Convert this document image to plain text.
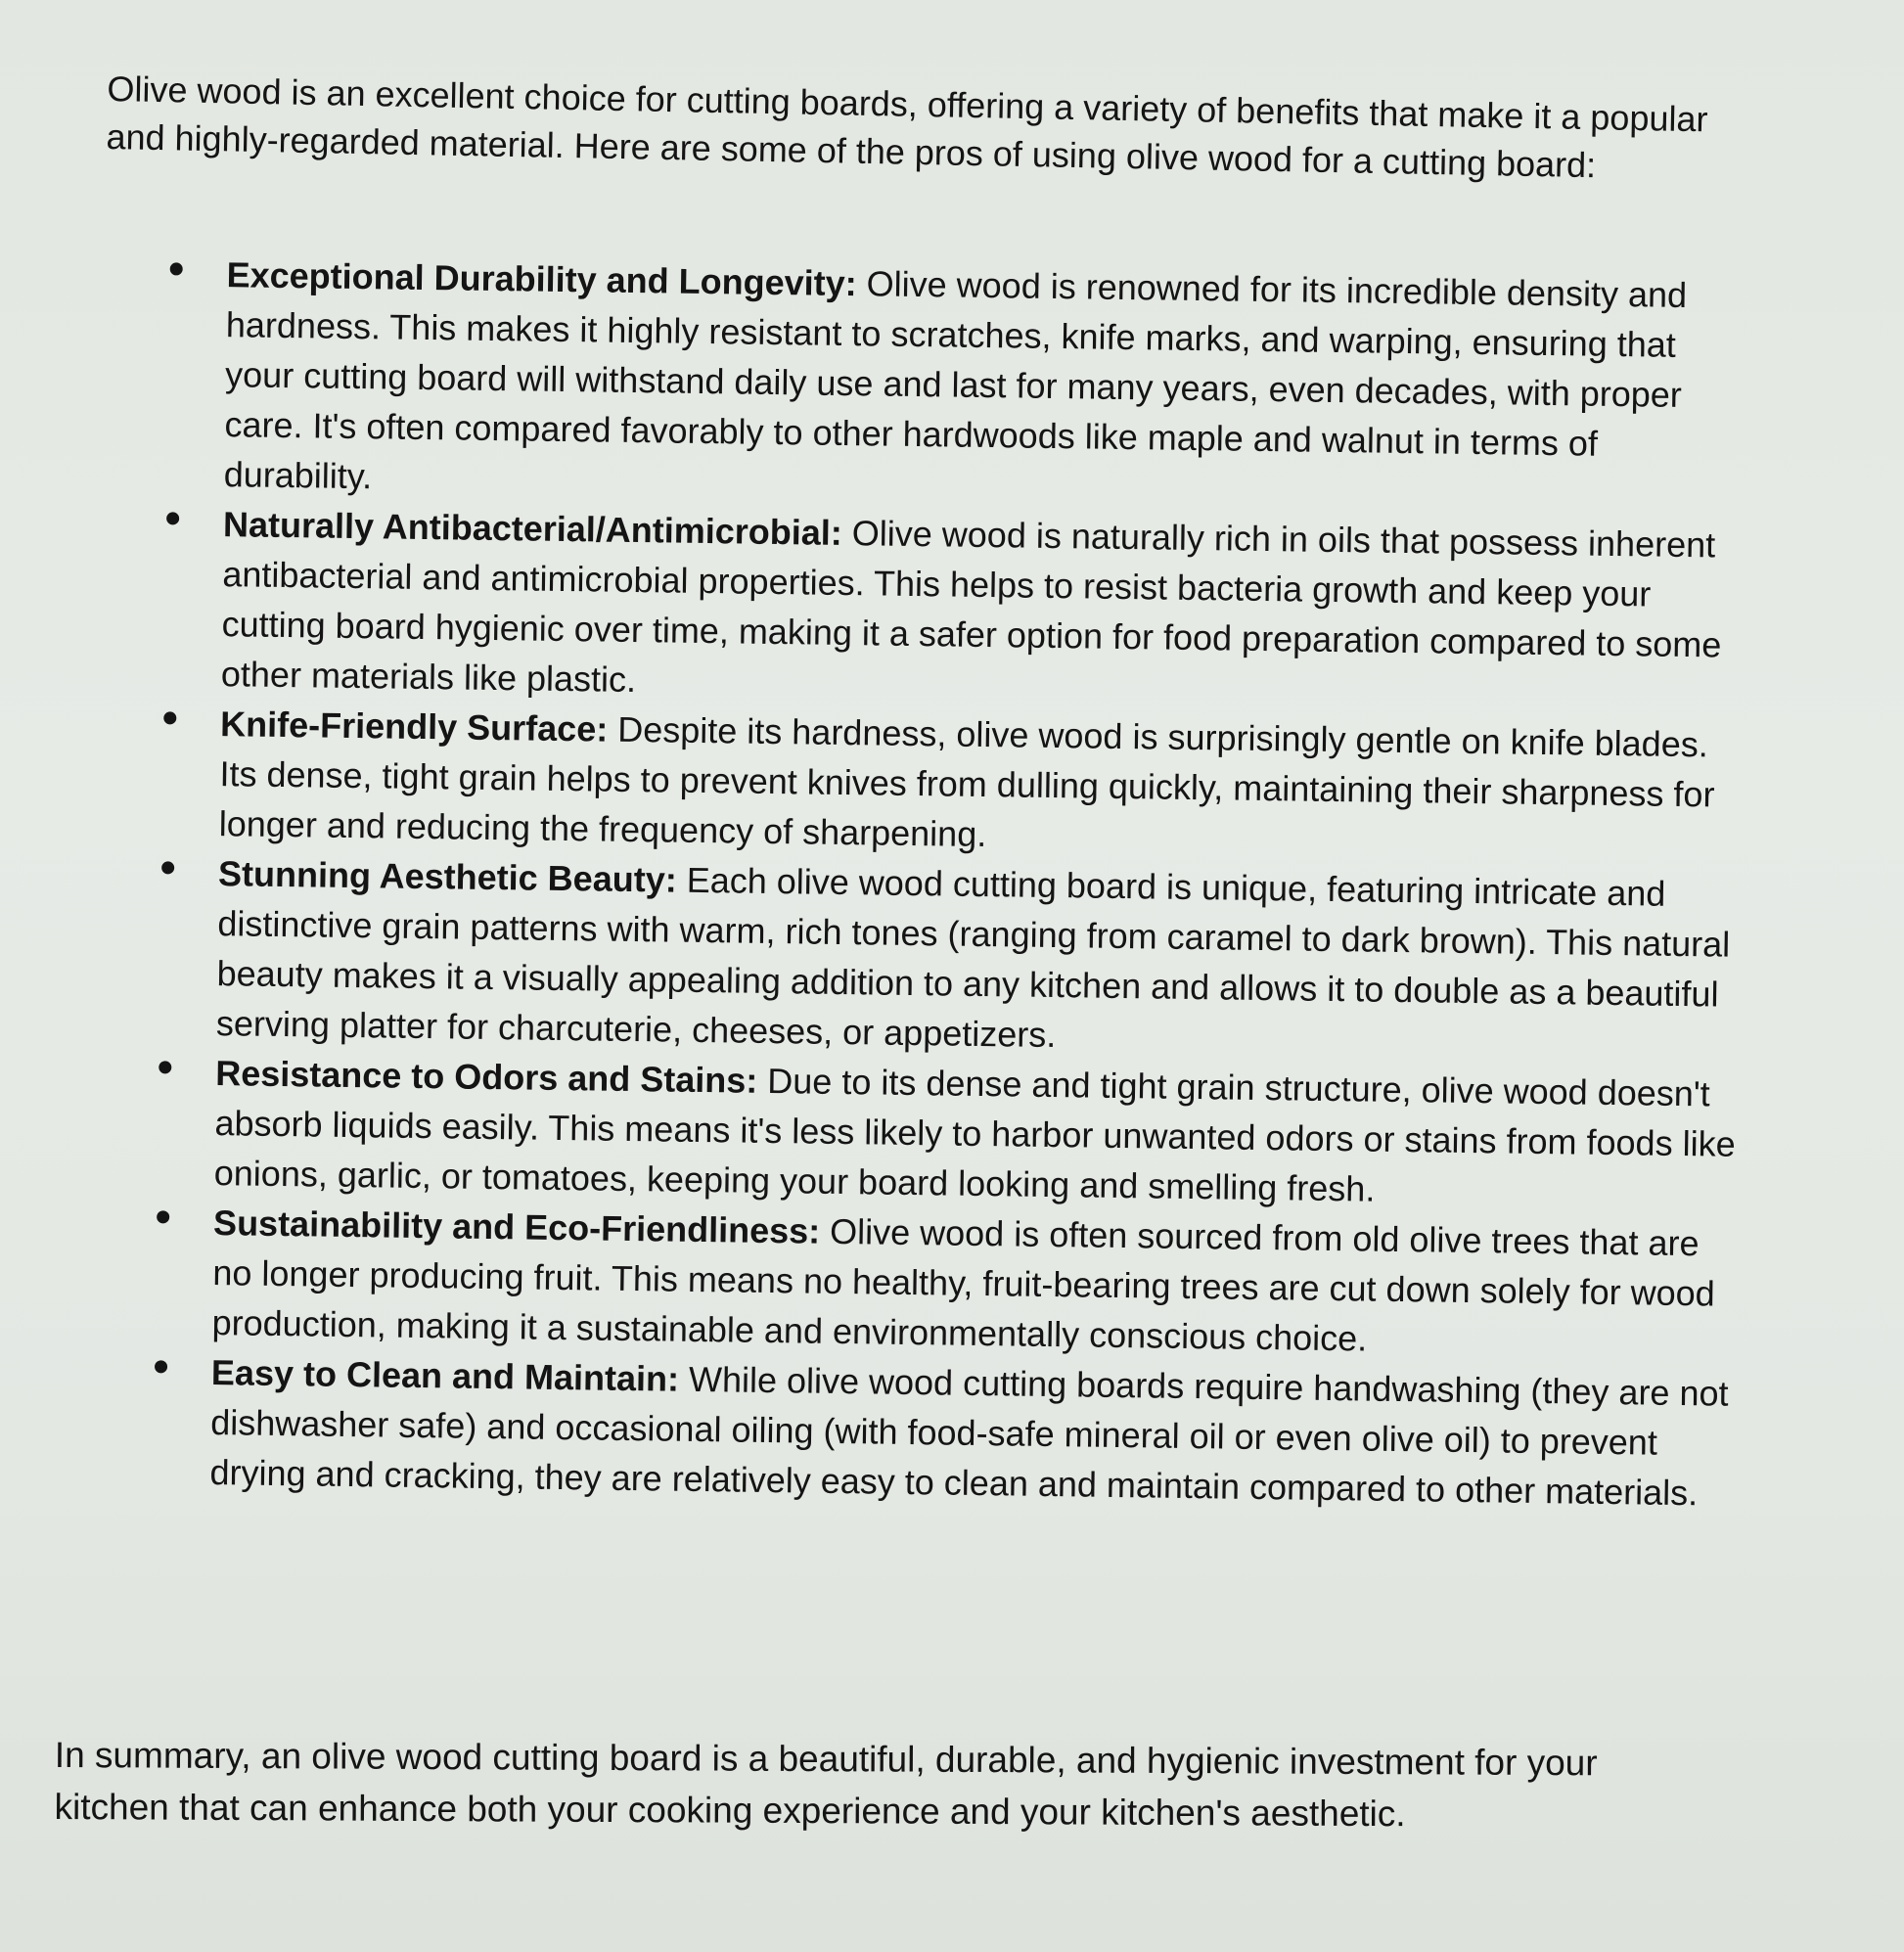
Olive wood is an excellent choice for cutting boards, offering a variety of benefits that make it a popular and highly-regarded material. Here are some of the pros of using olive wood for a cutting board:

Exceptional Durability and Longevity: Olive wood is renowned for its incredible density and hardness. This makes it highly resistant to scratches, knife marks, and warping, ensuring that your cutting board will withstand daily use and last for many years, even decades, with proper care. It's often compared favorably to other hardwoods like maple and walnut in terms of durability.
Naturally Antibacterial/Antimicrobial: Olive wood is naturally rich in oils that possess inherent antibacterial and antimicrobial properties. This helps to resist bacteria growth and keep your cutting board hygienic over time, making it a safer option for food preparation compared to some other materials like plastic.
Knife-Friendly Surface: Despite its hardness, olive wood is surprisingly gentle on knife blades. Its dense, tight grain helps to prevent knives from dulling quickly, maintaining their sharpness for longer and reducing the frequency of sharpening.
Stunning Aesthetic Beauty: Each olive wood cutting board is unique, featuring intricate and distinctive grain patterns with warm, rich tones (ranging from caramel to dark brown). This natural beauty makes it a visually appealing addition to any kitchen and allows it to double as a beautiful serving platter for charcuterie, cheeses, or appetizers.
Resistance to Odors and Stains: Due to its dense and tight grain structure, olive wood doesn't absorb liquids easily. This means it's less likely to harbor unwanted odors or stains from foods like onions, garlic, or tomatoes, keeping your board looking and smelling fresh.
Sustainability and Eco-Friendliness: Olive wood is often sourced from old olive trees that are no longer producing fruit. This means no healthy, fruit-bearing trees are cut down solely for wood production, making it a sustainable and environmentally conscious choice.
Easy to Clean and Maintain: While olive wood cutting boards require handwashing (they are not dishwasher safe) and occasional oiling (with food-safe mineral oil or even olive oil) to prevent drying and cracking, they are relatively easy to clean and maintain compared to other materials.

In summary, an olive wood cutting board is a beautiful, durable, and hygienic investment for your kitchen that can enhance both your cooking experience and your kitchen's aesthetic.
